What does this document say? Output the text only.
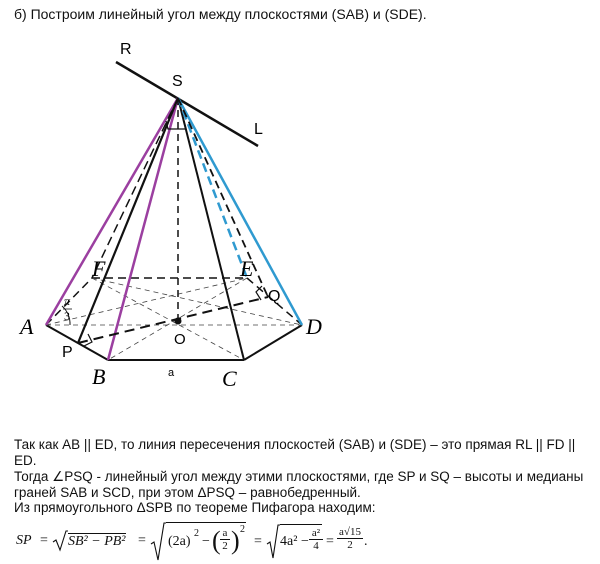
б) Построим линейный угол между плоскостями (SAB) и (SDE).
R
S
L
F	E
Q
A
O
D
P
B	C
a
π
3
Так как AB || ED, то линия пересечения плоскостей (SAB) и (SDE) – это прямая RL || FD || ED.
Тогда ∠PSQ - линейный угол между этими плоскостями, где SP и SQ – высоты и медианы
граней SAB и SCD, при этом ΔPSQ – равнобедренный.
Из прямоугольного ΔSPB по теореме Пифагора находим:
SP = SB² − PB² = (2a)
2
− ( a
2 ) 2
= 4a² −
a²
4 =
a√15
2 .
